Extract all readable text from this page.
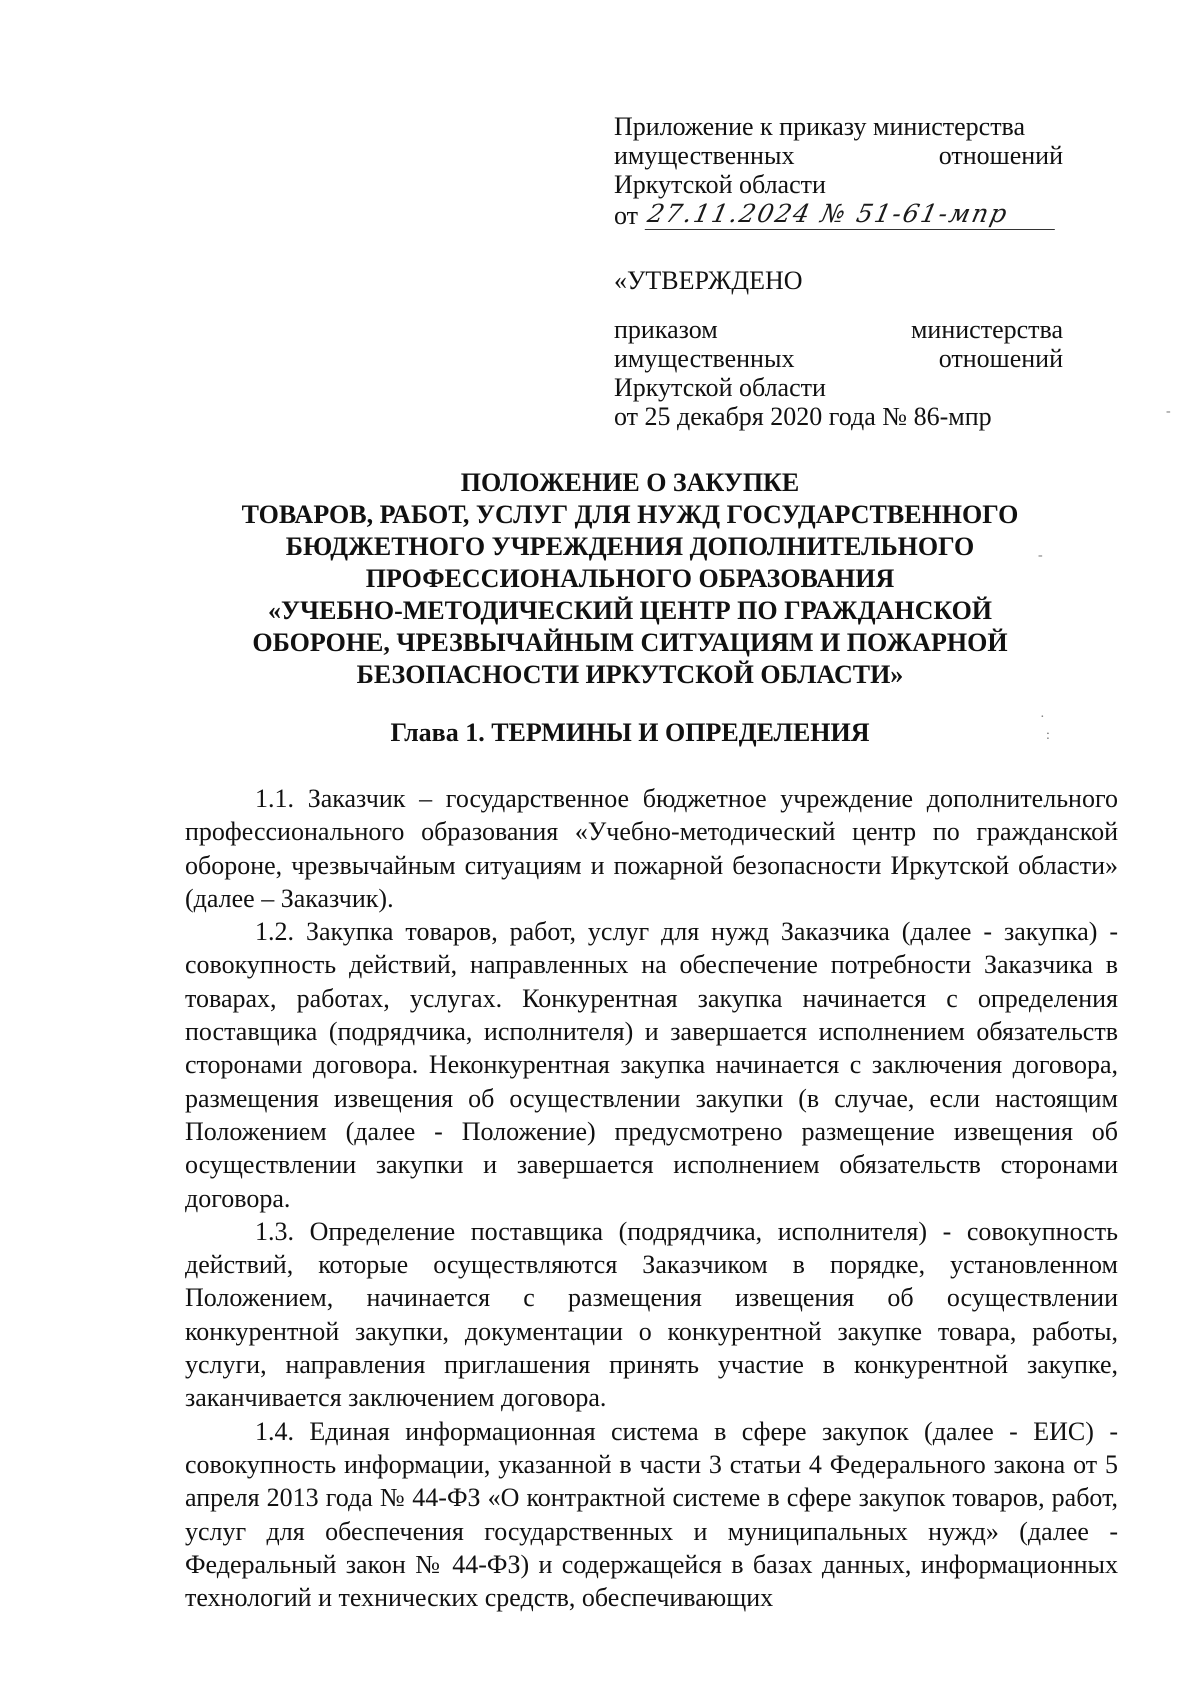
Приложение к приказу министерства
имущественных отношений
Иркутской области
от 27.11.2024 № 51-61-мпр
«УТВЕРЖДЕНО
приказом министерства
имущественных отношений
Иркутской области
от 25 декабря 2020 года № 86-мпр
ПОЛОЖЕНИЕ О ЗАКУПКЕ
ТОВАРОВ, РАБОТ, УСЛУГ ДЛЯ НУЖД ГОСУДАРСТВЕННОГО
БЮДЖЕТНОГО УЧРЕЖДЕНИЯ ДОПОЛНИТЕЛЬНОГО
ПРОФЕССИОНАЛЬНОГО ОБРАЗОВАНИЯ
«УЧЕБНО-МЕТОДИЧЕСКИЙ ЦЕНТР ПО ГРАЖДАНСКОЙ
ОБОРОНЕ, ЧРЕЗВЫЧАЙНЫМ СИТУАЦИЯМ И ПОЖАРНОЙ
БЕЗОПАСНОСТИ ИРКУТСКОЙ ОБЛАСТИ»
Глава 1. ТЕРМИНЫ И ОПРЕДЕЛЕНИЯ

1.1. Заказчик – государственное бюджетное учреждение дополнительного профессионального образования «Учебно-методический центр по гражданской обороне, чрезвычайным ситуациям и пожарной безопасности Иркутской области» (далее – Заказчик).

1.2. Закупка товаров, работ, услуг для нужд Заказчика (далее - закупка) - совокупность действий, направленных на обеспечение потребности Заказчика в товарах, работах, услугах. Конкурентная закупка начинается с определения поставщика (подрядчика, исполнителя) и завершается исполнением обязательств сторонами договора. Неконкурентная закупка начинается с заключения договора, размещения извещения об осуществлении закупки (в случае, если настоящим Положением (далее - Положение) предусмотрено размещение извещения об осуществлении закупки и завершается исполнением обязательств сторонами договора.

1.3. Определение поставщика (подрядчика, исполнителя) - совокупность действий, которые осуществляются Заказчиком в порядке, установленном Положением, начинается с размещения извещения об осуществлении конкурентной закупки, документации о конкурентной закупке товара, работы, услуги, направления приглашения принять участие в конкурентной закупке, заканчивается заключением договора.

1.4. Единая информационная система в сфере закупок (далее - ЕИС) - совокупность информации, указанной в части 3 статьи 4 Федерального закона от 5 апреля 2013 года № 44-ФЗ «О контрактной системе в сфере закупок товаров, работ, услуг для обеспечения государственных и муниципальных нужд» (далее - Федеральный закон № 44-ФЗ) и содержащейся в базах данных, информационных технологий и технических средств, обеспечивающих

-
-
·
:
